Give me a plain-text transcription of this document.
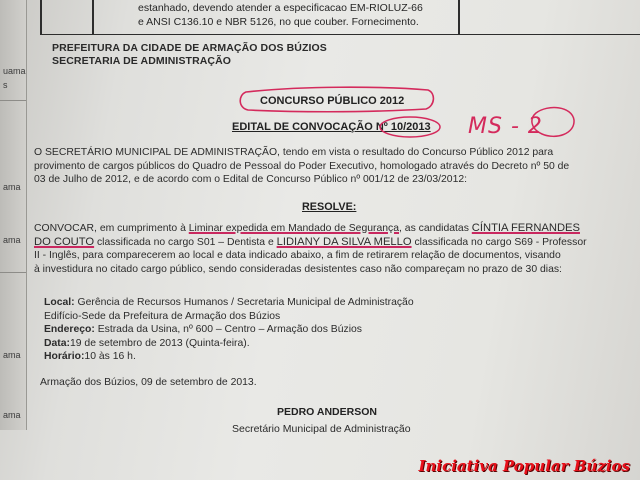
uama
s
ama
ama
ama
ama
estanhado, devendo atender a especificacao EM-RIOLUZ-66
e ANSI C136.10 e NBR 5126, no que couber. Fornecimento.
PREFEITURA DA CIDADE DE ARMAÇÃO DOS BÚZIOS
SECRETARIA DE ADMINISTRAÇÃO
CONCURSO PÚBLICO 2012
EDITAL DE CONVOCAÇÃO Nº 10/2013
O SECRETÁRIO MUNICIPAL DE ADMINISTRAÇÃO, tendo em vista o resultado do Concurso Público 2012 para
provimento de cargos públicos do Quadro de Pessoal do Poder Executivo, homologado através do Decreto nº 50 de
03 de Julho de 2012, e de acordo com o Edital de Concurso Público nº 001/12 de 23/03/2012:
RESOLVE:
CONVOCAR, em cumprimento à Liminar expedida em Mandado de Segurança, as candidatas CÍNTIA FERNANDES
DO COUTO classificada no cargo S01 – Dentista e LIDIANY DA SILVA MELLO classificada no cargo S69 - Professor
II - Inglês, para comparecerem ao local e data indicado abaixo, a fim de retirarem relação de documentos, visando
à investidura no citado cargo público, sendo consideradas desistentes caso não compareçam no prazo de 30 dias:
Local: Gerência de Recursos Humanos / Secretaria Municipal de Administração
Edifício-Sede da Prefeitura de Armação dos Búzios
Endereço: Estrada da Usina, nº 600 – Centro – Armação dos Búzios
Data:19 de setembro de 2013 (Quinta-feira).
Horário:10 às 16 h.
Armação dos Búzios, 09 de setembro de 2013.
PEDRO ANDERSON
Secretário Municipal de Administração
MS - 2
Iniciativa Popular Búzios
